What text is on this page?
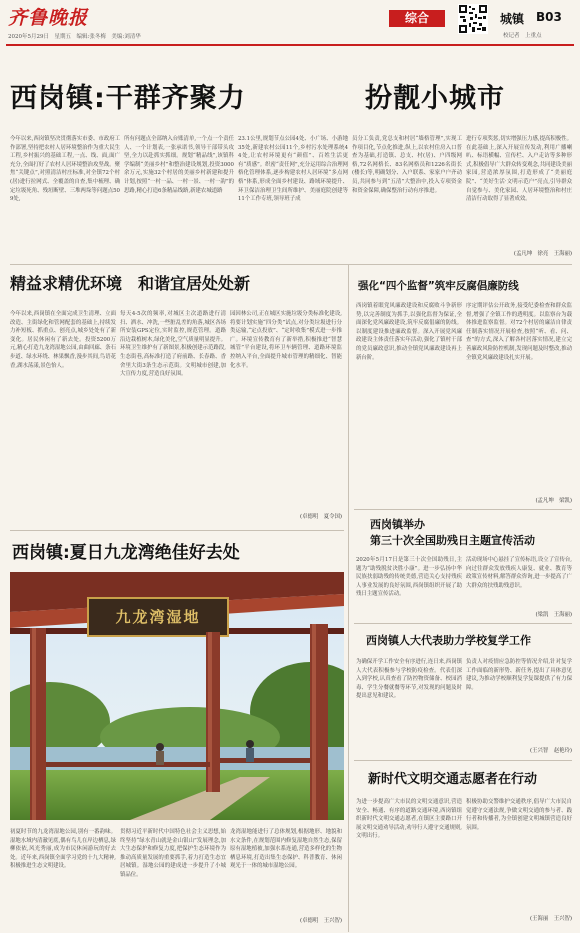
齐鲁晚报
2020年5月29日　星期五　编辑:张冬梅　美编:刘清华
综合	城镇 B03
校记者　上重点
西岗镇:干群齐聚力	扮靓小城市
今年以来,西岗镇坚决贯彻落实市委、市政府工作部署,坚持把农村人居环境整治作为重大民生工程,乡村振兴的基础工程,一点、线、面,面广充分,全面打好了农村人居环境整治攻坚战。聚焦“关键点”,对照清洁村庄标准,对全镇72个村(居)进行拉网式、全覆盖的自查,集中梳理、确定垃圾死角、残垣断壁、三堆两垛等问题点509处,
所有问题点全部纳入台账清单,一个点一个责任人、一个计划表,一张承诺书,领导干部带头攻坚,全力以赴抓实抓细。规划“精品线”,该镇科学编制“美丽乡村”和整治建设规划,投资3000余万元,实施32个村居的美丽乡村新建和提升计划,按照“一村一品、一村一景、一村一韵”的思路,精心打造6条精品线路,新建农城道路
23.1公里,规划节点公园4处、小广场、小游地35处,新建农村公园11个,乡村污水处理系统44处,让农村环境更有“颜值”、百姓生活更有“质感”。织密“责任网”,充分运用综合治理网格化管理体系,逐步构建农村人居环境“多点网格”体系,形成全面乡村建设、路域环境提升、环卫保洁治理卫生间所维护、美丽庭院创建等11个工作专班,领导班子成
员分工负责,党总支和村居“墙格管理”,实现工作项目化,节点化推进,纵上,以农村住房入口普查为基础,打造镇、总支、村(居)、户四级网格,72名网格长、83名网格员和1226名街长(楼长)等,明确划分、入户联系、家家户户齐动员,共同参与到“五清”大整治中,投入专项资金和资金保障,确保整治行动有序推进。
进行专项奖惩,切实增强压力感,提高积极性。在此基础上,深入开展宣传发动,利用广播喇叭、标语横幅、宣传栏、入户走访等多种形式,积极倡导广大群众转变观念,共同建设美丽家园,营造浓厚氛围,打造形成了“美丽庭院”、“美好生活·文明示范户”亮点,引导群众自觉参与、美化家园、人居环境整治和村庄清洁行动取得了显著成效。
(孟凡坤　徐亮　王海丽)
精益求精优环境　和谐宜居处处新
今年以来,西岗镇在全面完成卫生清理、立面改造、主街绿化和管网配套的基础上,持续发力补短板、抓重点、创亮点,城乡处处有了新变化。居民休闲有了新去处。投资5200万元,精心打造九龙湾湿地公园,由曲回廊、条石步道、绿水环绕、林果飘香,漫步其间,鸟语花香,湖水荡漾,景色怡人。
每天4-5次的频率,对城区主次道路进行清扫、洒水、冲洗,一些脏乱差的角落,城区各场所安装GPS定位,实时监控,规范管理。道路沿边栽植树木,绿化美化,空气质量明显提升。环境卫生维护有了新图景,积极创建示范路段,生态街巷,高标准打造了府前路、长春路、香舍里大街3条生态示范街。文明城市创建,加大宣传力度,营造良好氛围。
园因林公司,正在城区实施垃圾分类标准化建设,将要计划实施“四分类”试点,对分类垃圾进行分类运输,“定点投放”、“定时收集”模式进一步推广。环境宣传教育有了新举措,积极推进“智慧城管”平台建设,将环卫车辆管理、道路环境监控纳入平台,全面提升城市管理的精细化、智能化水平。
(卓德明　夏令国)
强化“四个监督”筑牢反腐倡廉防线
西岗镇着眼党风廉政建设和反腐败斗争新形势,以完善制度为抓手,以强化监督为保证,全面深化党风廉政建设,筑牢反腐倡廉的防线。以制度建设推进廉政监督。深入开展党风廉政建设主体责任落实年活动,强化了镇村干部的党员廉政意识,推动全镇党风廉政建设再上新台阶。
序定期评估公开政务,接受纪委检查和群众监督,增强了全镇工作的透明度。以监察台为载体推进监察监督。对72个村居的廉洁自律责任制落实情况开展检查,按照“听、看、问、查”的方式,深入了解各村居落实情况,建立完善廉政风险防控机制,发现问题及时整改,推动全镇党风廉政建设扎实开展。
(孟凡坤　梁凯)
西岗镇举办
第三十次全国助残日主题宣传活动
2020年5月17日是第三十次全国助残日,主题为“助残脱贫决胜小康”。进一步弘扬中华民族扶弱助残的传统美德,营造关心支持残疾人事业发展的良好氛围,西岗镇组织开展了助残日主题宣传活动。
活动现场中心悬挂了宣传标语,设立了宣传台,向过往群众发放残疾人康复、就业、教育等政策宣传材料,解答群众咨询,进一步提高了广大群众的扶残助残意识。
(梁凯　王海丽)
西岗镇人大代表助力学校复学工作
为确保开学工作安全有序进行,连日来,西岗镇人大代表积极参与学校防疫检查。代表们深入到学校,认真查看了防控物资储备、校园消毒、学生分餐就餐等环节,对发现的问题及时提出意见和建议。
负责人对疫情应急防控等情况介绍,针对复学工作面临的新形势、新任务,提出了具体意见建议,为推动学校顺利复学复课提供了有力保障。
(王兴智　赵艳玲)
新时代文明交通志愿者在行动
为进一步提高广大市民的文明交通意识,营造安全、畅通、有序的道路交通环境,西岗镇组织新时代文明交通志愿者,在镇区主要路口开展文明交通劝导活动,劝导行人遵守交通规则,文明出行。
积极协助交警维护交通秩序,倡导广大市民自觉遵守交通法规,争做文明交通的参与者、践行者和传播者,为全镇创建文明城镇营造良好氛围。
(王海丽　王兴智)
西岗镇:夏日九龙湾绝佳好去处
九龙湾湿地
初夏时节的九龙湾湿地公园,别有一番韵味。湿地水域内清澈见底,偶有鸟儿在岸边栖息,绿柳依依,风光秀丽,成为市民休闲游玩的好去处。近年来,西岗镇全面学习党的十九大精神,积极推进生态文明建设。
贯彻习近平新时代中国特色社会主义思想,始终坚持“绿水青山就是金山银山”发展理念,加大生态保护和修复力度,把保护生态环境作为推动高质量发展的重要抓手,着力打造生态宜居城镇。湿地公园的建成进一步提升了小城镇品位。
龙湾湿地能进行了总体规划,根据地形、地貌和水文条件,在规划范围内修复湿地自然生态,保留原有湿地植被,加强水系连通,营造多样化的生物栖息环境,打造出集生态保护、科普教育、休闲观光于一体的城市湿地公园。
(卓德明　王兴智)
